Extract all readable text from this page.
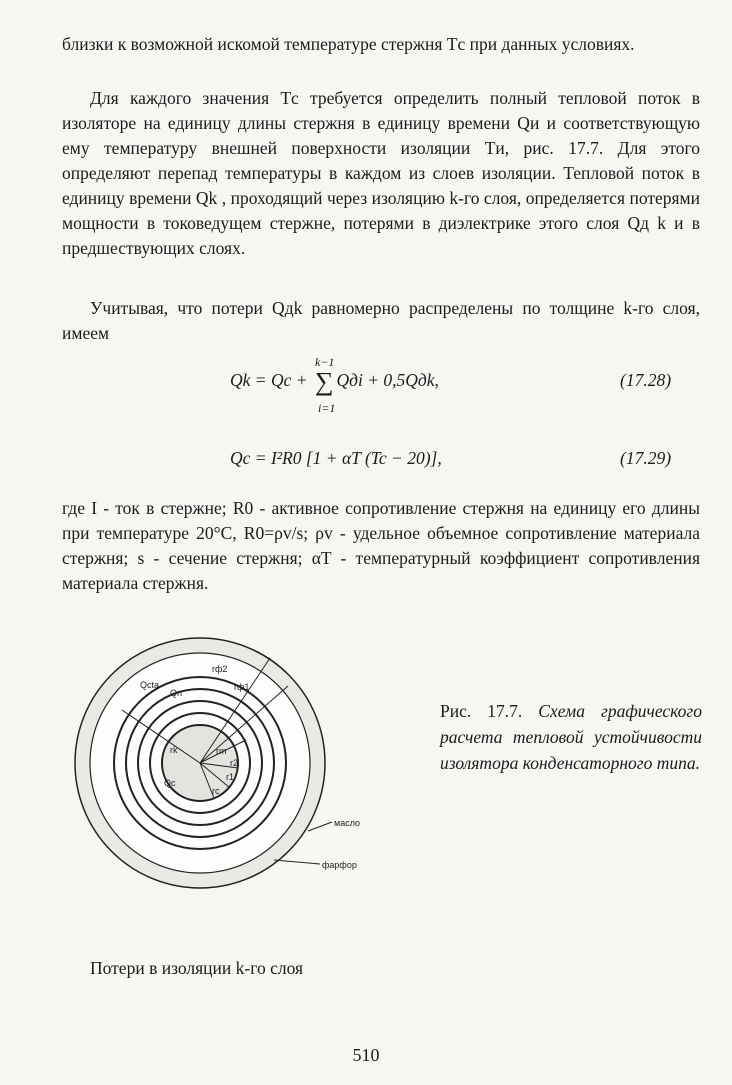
близки к возможной искомой температуре стержня Tс при данных условиях.

Для каждого значения Tс требуется определить полный тепловой поток в изоляторе на единицу длины стержня в единицу времени Qи и соответствующую ему температуру внешней поверхности изоляции Tи, рис. 17.7. Для этого определяют перепад температуры в каждом из слоев изоляции. Тепловой поток в единицу времени Qk , проходящий через изоляцию k-го слоя, определяется потерями мощности в токоведущем стержне, потерями в диэлектрике этого слоя Qд k и в предшествующих слоях.

Учитывая, что потери Qдk равномерно распределены по толщине k-го слоя, имеем

Qk = Qc + ∑
k−1
i=1
Qдi + 0,5Qдk,	(17.28)
Qc = I²R0 [1 + αT (Tc − 20)],	(17.29)

где I - ток в стержне; R0 - активное сопротивление стержня на единицу его длины при температуре 20°С, R0=ρv/s; ρv - удельное объемное сопротивление материала стержня; s - сечение стержня; αT - температурный коэффициент сопротивления материала стержня.

Qc
Qcta
Qn
rc
r1
r2
rm
rk
rф1
rф2
масло
фарфор
Рис. 17.7. Схема графического расчета тепловой устойчивости изолятора конденсаторного типа.
Потери в изоляции k-го слоя
510
